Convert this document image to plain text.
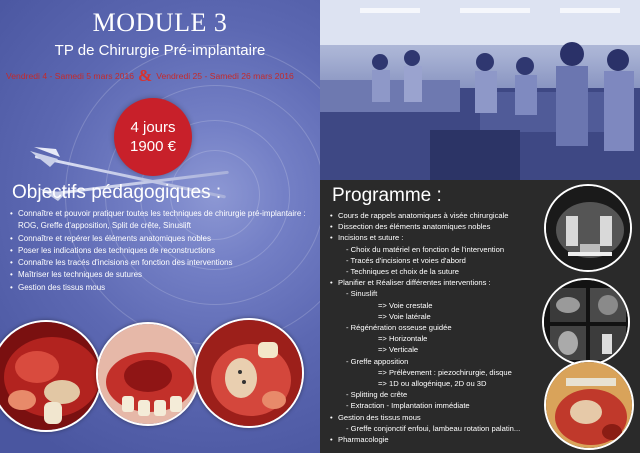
MODULE 3
TP de Chirurgie Pré-implantaire
Vendredi 4 - Samedi 5 mars 2016 & Vendredi 25 - Samedi 26 mars 2016
4 jours
1900 €
Objectifs pédagogiques :
• Connaître et pouvoir pratiquer toutes les techniques de chirurgie pré-implantaire :
ROG, Greffe d'apposition, Split de crête, Sinuslift
• Connaître et repérer les éléments anatomiques nobles
• Poser les indications des techniques de reconstructions
• Connaître les tracés d'incisions en fonction des interventions
• Maîtriser les techniques de sutures
• Gestion des tissus mous
Programme :
• Cours de rappels anatomiques à visée chirurgicale
• Dissection des éléments anatomiques nobles
• Incisions et suture :
- Choix du matériel en fonction de l'intervention
- Tracés d'incisions et voies d'abord
- Techniques et choix de la suture
• Planifier et Réaliser différentes interventions :
- Sinuslift
=> Voie crestale
=> Voie latérale
- Régénération osseuse guidée
=> Horizontale
=> Verticale
- Greffe apposition
=> Prélèvement : piezochirurgie, disque
=> 1D ou allogénique, 2D ou 3D
- Splitting de crête
- Extraction - Implantation immédiate
• Gestion des tissus mous
- Greffe conjonctif enfoui, lambeau rotation palatin...
• Pharmacologie
